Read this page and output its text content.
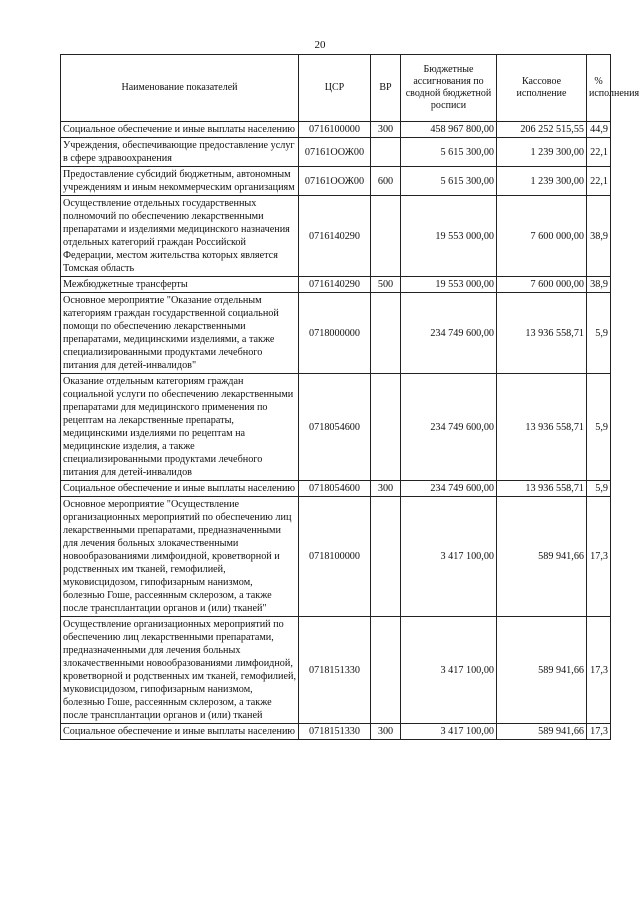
20
Наименование показателей	ЦСР	ВР	Бюджетные ассигнования по сводной бюджетной росписи	Кассовое исполнение	% исполнения
Социальное обеспечение и иные выплаты населению	0716100000	300	458 967 800,00	206 252 515,55	44,9
Учреждения, обеспечивающие предоставление услуг в сфере здравоохранения	07161ООЖ00		5 615 300,00	1 239 300,00	22,1
Предоставление субсидий бюджетным, автономным учреждениям и иным некоммерческим организациям	07161ООЖ00	600	5 615 300,00	1 239 300,00	22,1
Осуществление отдельных государственных полномочий по обеспечению лекарственными препаратами и изделиями медицинского назначения отдельных категорий граждан Российской Федерации, местом жительства которых является Томская область	0716140290		19 553 000,00	7 600 000,00	38,9
Межбюджетные трансферты	0716140290	500	19 553 000,00	7 600 000,00	38,9
Основное мероприятие "Оказание отдельным категориям граждан государственной социальной помощи по обеспечению лекарственными препаратами, медицинскими изделиями, а также специализированными продуктами лечебного питания для детей-инвалидов"	0718000000		234 749 600,00	13 936 558,71	5,9
Оказание отдельным категориям граждан социальной услуги по обеспечению лекарственными препаратами для медицинского применения по рецептам на лекарственные препараты, медицинскими изделиями по рецептам на медицинские изделия, а также специализированными продуктами лечебного питания для детей-инвалидов	0718054600		234 749 600,00	13 936 558,71	5,9
Социальное обеспечение и иные выплаты населению	0718054600	300	234 749 600,00	13 936 558,71	5,9
Основное мероприятие "Осуществление организационных мероприятий по обеспечению лиц лекарственными препаратами, предназначенными для лечения больных злокачественными новообразованиями лимфоидной, кроветворной и родственных им тканей, гемофилией, муковисцидозом, гипофизарным нанизмом, болезнью Гоше, рассеянным склерозом, а также после трансплантации органов и (или) тканей"	0718100000		3 417 100,00	589 941,66	17,3
Осуществление организационных мероприятий по обеспечению лиц лекарственными препаратами, предназначенными для лечения больных злокачественными новообразованиями лимфоидной, кроветворной и родственных им тканей, гемофилией, муковисцидозом, гипофизарным нанизмом, болезнью Гоше, рассеянным склерозом, а также после трансплантации органов и (или) тканей	0718151330		3 417 100,00	589 941,66	17,3
Социальное обеспечение и иные выплаты населению	0718151330	300	3 417 100,00	589 941,66	17,3
